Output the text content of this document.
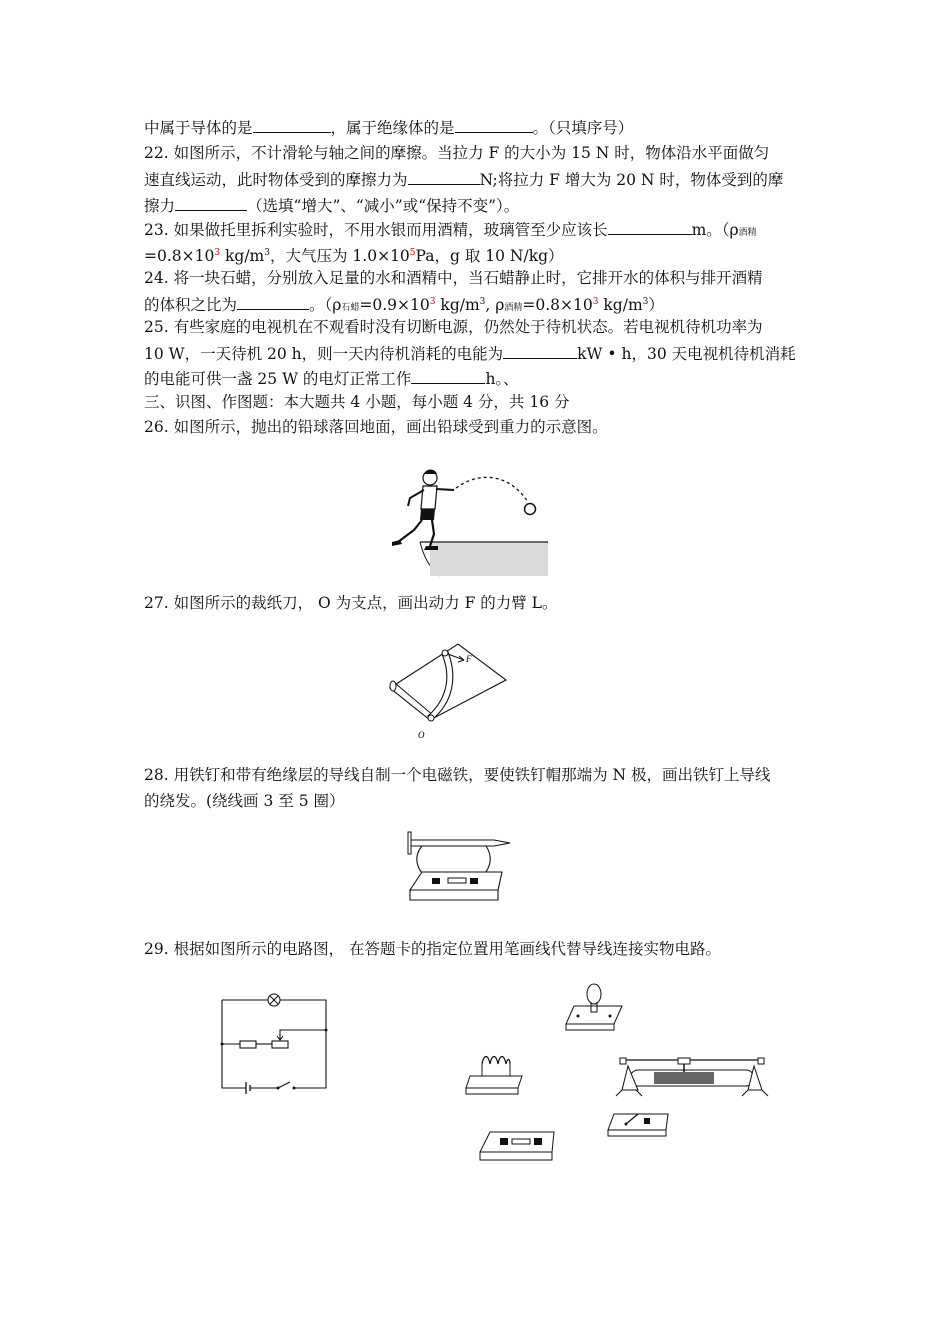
中属于导体的是	，属于绝缘体的是	。（只填序号）
22. 如图所示，不计滑轮与轴之间的摩擦。当拉力 F 的大小为 15 N 时，物体沿水平面做匀
速直线运动，此时物体受到的摩擦力为	N;将拉力 F 增大为 20 N 时，物体受到的摩
擦力	（选填“增大”、“减小”或“保持不变”）。
23. 如果做托里拆利实验时，不用水银而用酒精，玻璃管至少应该长	m。（ρ酒精
$=0.8\times 10^3$ $kg/m^3$，大气压为 $1.0\times 10^5Pa$，g 取 10 N/kg）
24. 将一块石蜡，分别放入足量的水和酒精中，当石蜡静止时，它排开水的体积与排开酒精
的体积之比为	。（ρ石蜡$=0.9\times 10^3$ $kg/m^3$, ρ酒精$=0.8\times 10^3$ $kg/m^3$）
25. 有些家庭的电视机在不观看时没有切断电源，仍然处于待机状态。若电视机待机功率为
10 W，一天待机 20 h，则一天内待机消耗的电能为	kW • h，30 天电视机待机消耗
的电能可供一盏 25 W 的电灯正常工作	h。、
三、识图、作图题：本大题共 4 小题，每小题 4 分，共 16 分
26. 如图所示，抛出的铅球落回地面，画出铅球受到重力的示意图。
27. 如图所示的裁纸刀， O 为支点，画出动力 F 的力臂 L。
F
O
28. 用铁钉和带有绝缘层的导线自制一个电磁铁，要使铁钉帽那端为 N 极，画出铁钉上导线
的绕发。(绕线画 3 至 5 圈）
29. 根据如图所示的电路图， 在答题卡的指定位置用笔画线代替导线连接实物电路。
